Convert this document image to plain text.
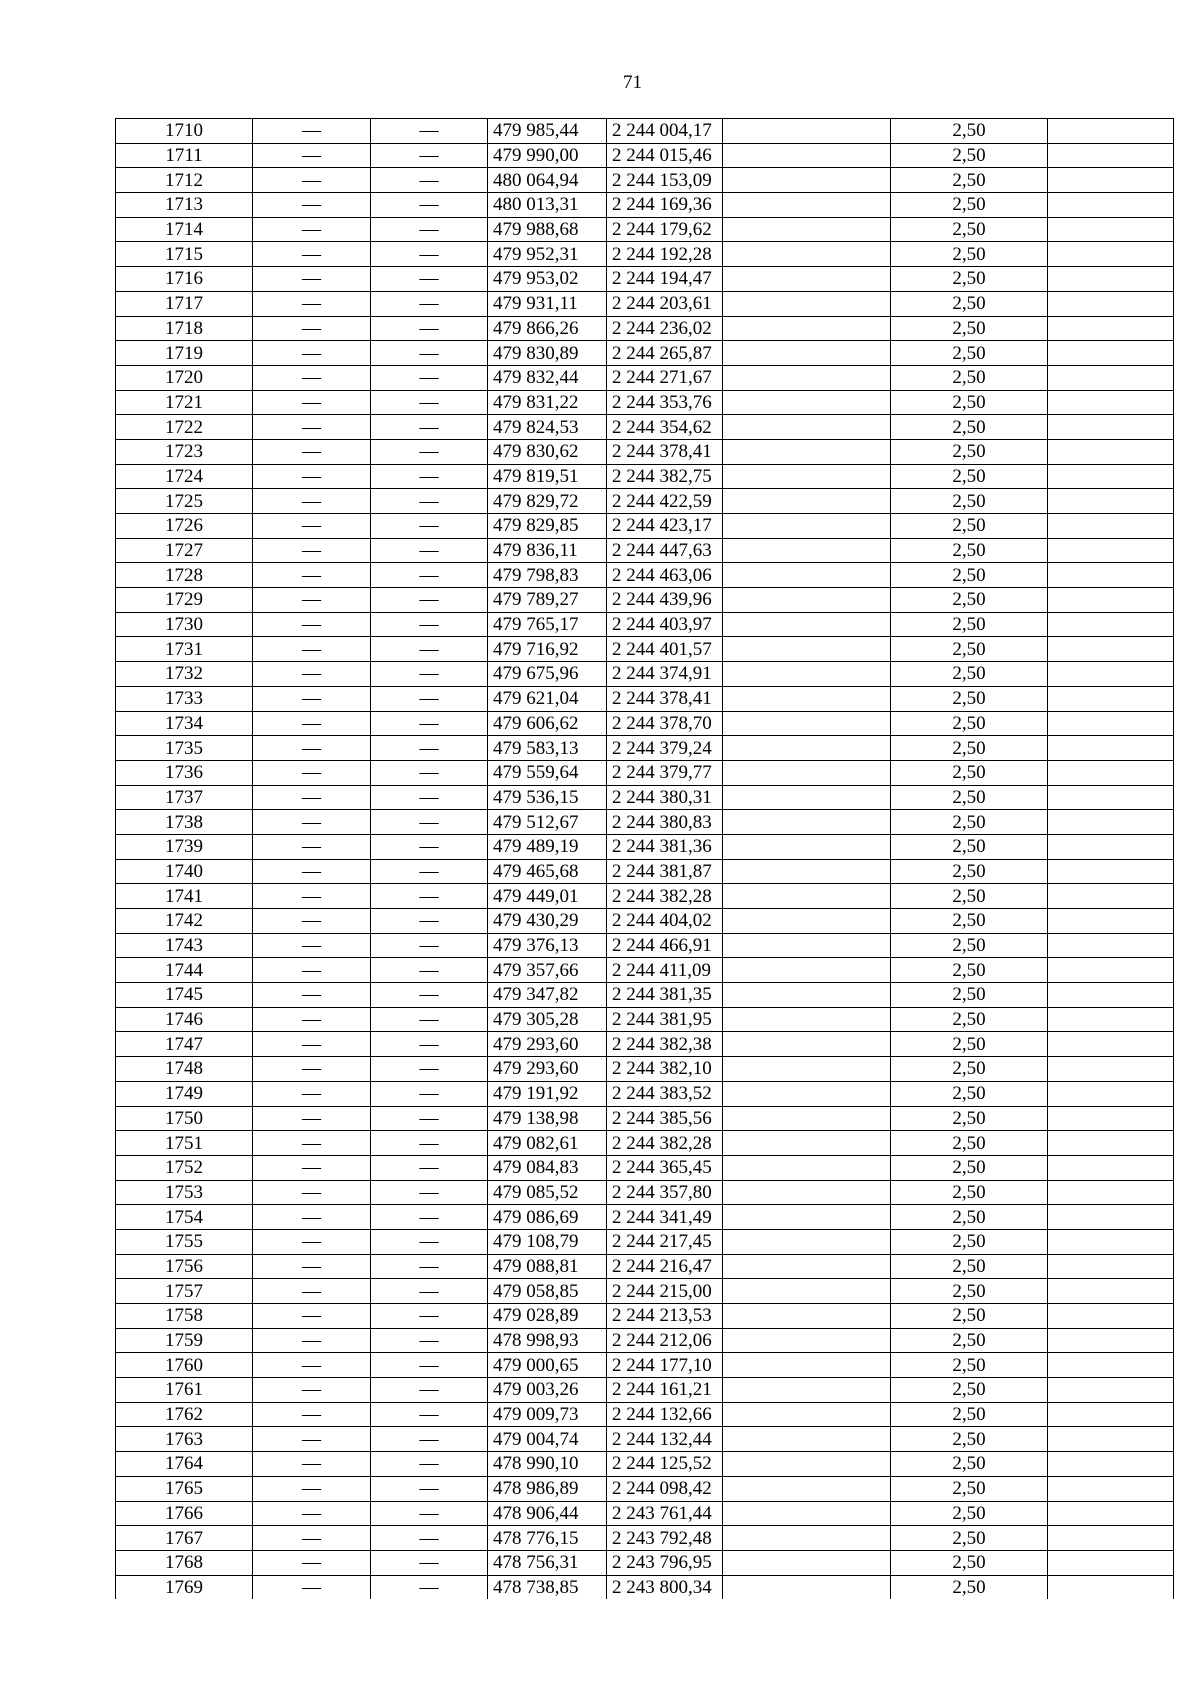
71
1710	—	—	479 985,44	2 244 004,17		2,50	
1711	—	—	479 990,00	2 244 015,46		2,50	
1712	—	—	480 064,94	2 244 153,09		2,50	
1713	—	—	480 013,31	2 244 169,36		2,50	
1714	—	—	479 988,68	2 244 179,62		2,50	
1715	—	—	479 952,31	2 244 192,28		2,50	
1716	—	—	479 953,02	2 244 194,47		2,50	
1717	—	—	479 931,11	2 244 203,61		2,50	
1718	—	—	479 866,26	2 244 236,02		2,50	
1719	—	—	479 830,89	2 244 265,87		2,50	
1720	—	—	479 832,44	2 244 271,67		2,50	
1721	—	—	479 831,22	2 244 353,76		2,50	
1722	—	—	479 824,53	2 244 354,62		2,50	
1723	—	—	479 830,62	2 244 378,41		2,50	
1724	—	—	479 819,51	2 244 382,75		2,50	
1725	—	—	479 829,72	2 244 422,59		2,50	
1726	—	—	479 829,85	2 244 423,17		2,50	
1727	—	—	479 836,11	2 244 447,63		2,50	
1728	—	—	479 798,83	2 244 463,06		2,50	
1729	—	—	479 789,27	2 244 439,96		2,50	
1730	—	—	479 765,17	2 244 403,97		2,50	
1731	—	—	479 716,92	2 244 401,57		2,50	
1732	—	—	479 675,96	2 244 374,91		2,50	
1733	—	—	479 621,04	2 244 378,41		2,50	
1734	—	—	479 606,62	2 244 378,70		2,50	
1735	—	—	479 583,13	2 244 379,24		2,50	
1736	—	—	479 559,64	2 244 379,77		2,50	
1737	—	—	479 536,15	2 244 380,31		2,50	
1738	—	—	479 512,67	2 244 380,83		2,50	
1739	—	—	479 489,19	2 244 381,36		2,50	
1740	—	—	479 465,68	2 244 381,87		2,50	
1741	—	—	479 449,01	2 244 382,28		2,50	
1742	—	—	479 430,29	2 244 404,02		2,50	
1743	—	—	479 376,13	2 244 466,91		2,50	
1744	—	—	479 357,66	2 244 411,09		2,50	
1745	—	—	479 347,82	2 244 381,35		2,50	
1746	—	—	479 305,28	2 244 381,95		2,50	
1747	—	—	479 293,60	2 244 382,38		2,50	
1748	—	—	479 293,60	2 244 382,10		2,50	
1749	—	—	479 191,92	2 244 383,52		2,50	
1750	—	—	479 138,98	2 244 385,56		2,50	
1751	—	—	479 082,61	2 244 382,28		2,50	
1752	—	—	479 084,83	2 244 365,45		2,50	
1753	—	—	479 085,52	2 244 357,80		2,50	
1754	—	—	479 086,69	2 244 341,49		2,50	
1755	—	—	479 108,79	2 244 217,45		2,50	
1756	—	—	479 088,81	2 244 216,47		2,50	
1757	—	—	479 058,85	2 244 215,00		2,50	
1758	—	—	479 028,89	2 244 213,53		2,50	
1759	—	—	478 998,93	2 244 212,06		2,50	
1760	—	—	479 000,65	2 244 177,10		2,50	
1761	—	—	479 003,26	2 244 161,21		2,50	
1762	—	—	479 009,73	2 244 132,66		2,50	
1763	—	—	479 004,74	2 244 132,44		2,50	
1764	—	—	478 990,10	2 244 125,52		2,50	
1765	—	—	478 986,89	2 244 098,42		2,50	
1766	—	—	478 906,44	2 243 761,44		2,50	
1767	—	—	478 776,15	2 243 792,48		2,50	
1768	—	—	478 756,31	2 243 796,95		2,50	
1769	—	—	478 738,85	2 243 800,34		2,50	
